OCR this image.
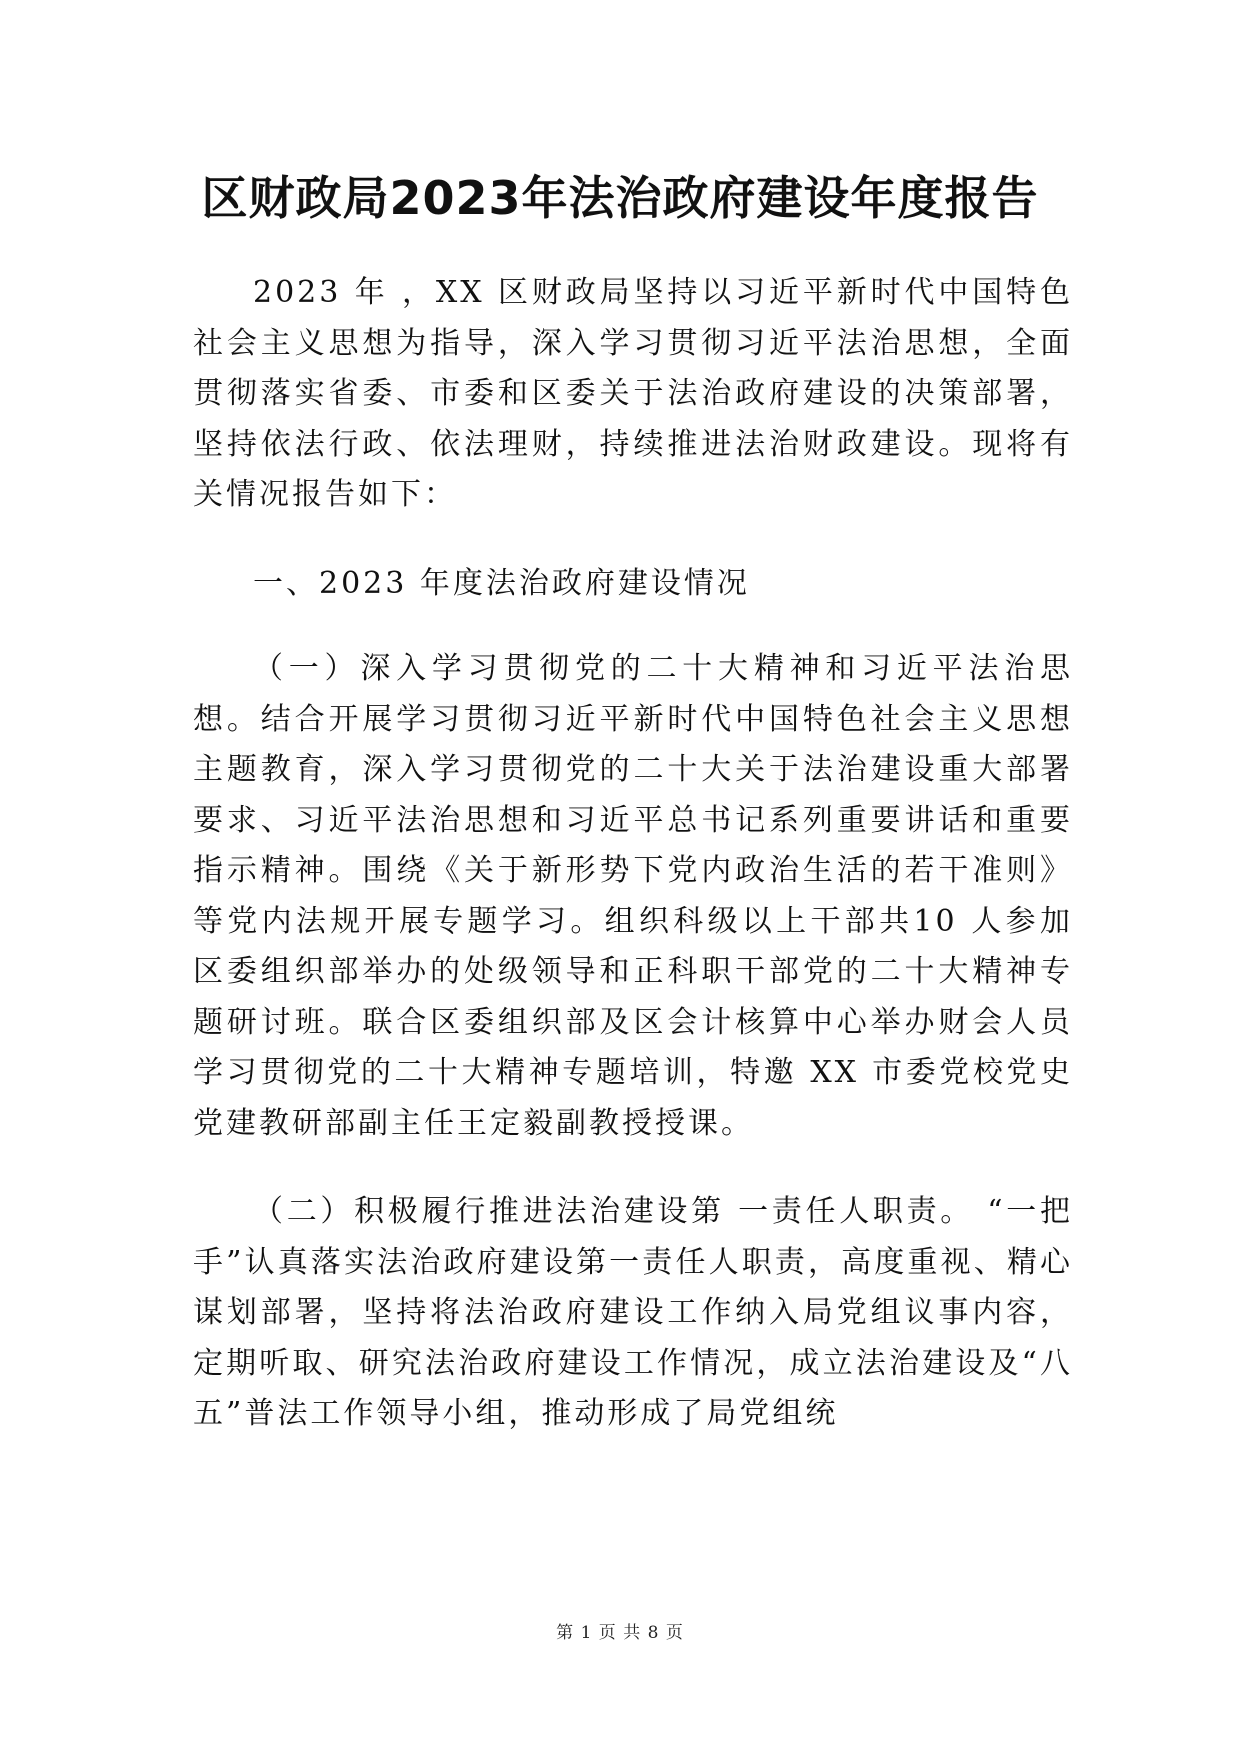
区财政局2023年法治政府建设年度报告

2023 年 ，XX 区财政局坚持以习近平新时代中国特色社会主义思想为指导，深入学习贯彻习近平法治思想，全面贯彻落实省委、市委和区委关于法治政府建设的决策部署，坚持依法行政、依法理财，持续推进法治财政建设。现将有关情况报告如下：

一、2023 年度法治政府建设情况

（一）深入学习贯彻党的二十大精神和习近平法治思想。结合开展学习贯彻习近平新时代中国特色社会主义思想主题教育，深入学习贯彻党的二十大关于法治建设重大部署要求、习近平法治思想和习近平总书记系列重要讲话和重要指示精神。围绕《关于新形势下党内政治生活的若干准则》等党内法规开展专题学习。组织科级以上干部共10 人参加区委组织部举办的处级领导和正科职干部党的二十大精神专题研讨班。联合区委组织部及区会计核算中心举办财会人员学习贯彻党的二十大精神专题培训，特邀 XX 市委党校党史党建教研部副主任王定毅副教授授课。

（二）积极履行推进法治建设第 一责任人职责。 “一把手”认真落实法治政府建设第一责任人职责，高度重视、精心谋划部署，坚持将法治政府建设工作纳入局党组议事内容，定期听取、研究法治政府建设工作情况，成立法治建设及“八五”普法工作领导小组，推动形成了局党组统

第 1 页 共 8 页
